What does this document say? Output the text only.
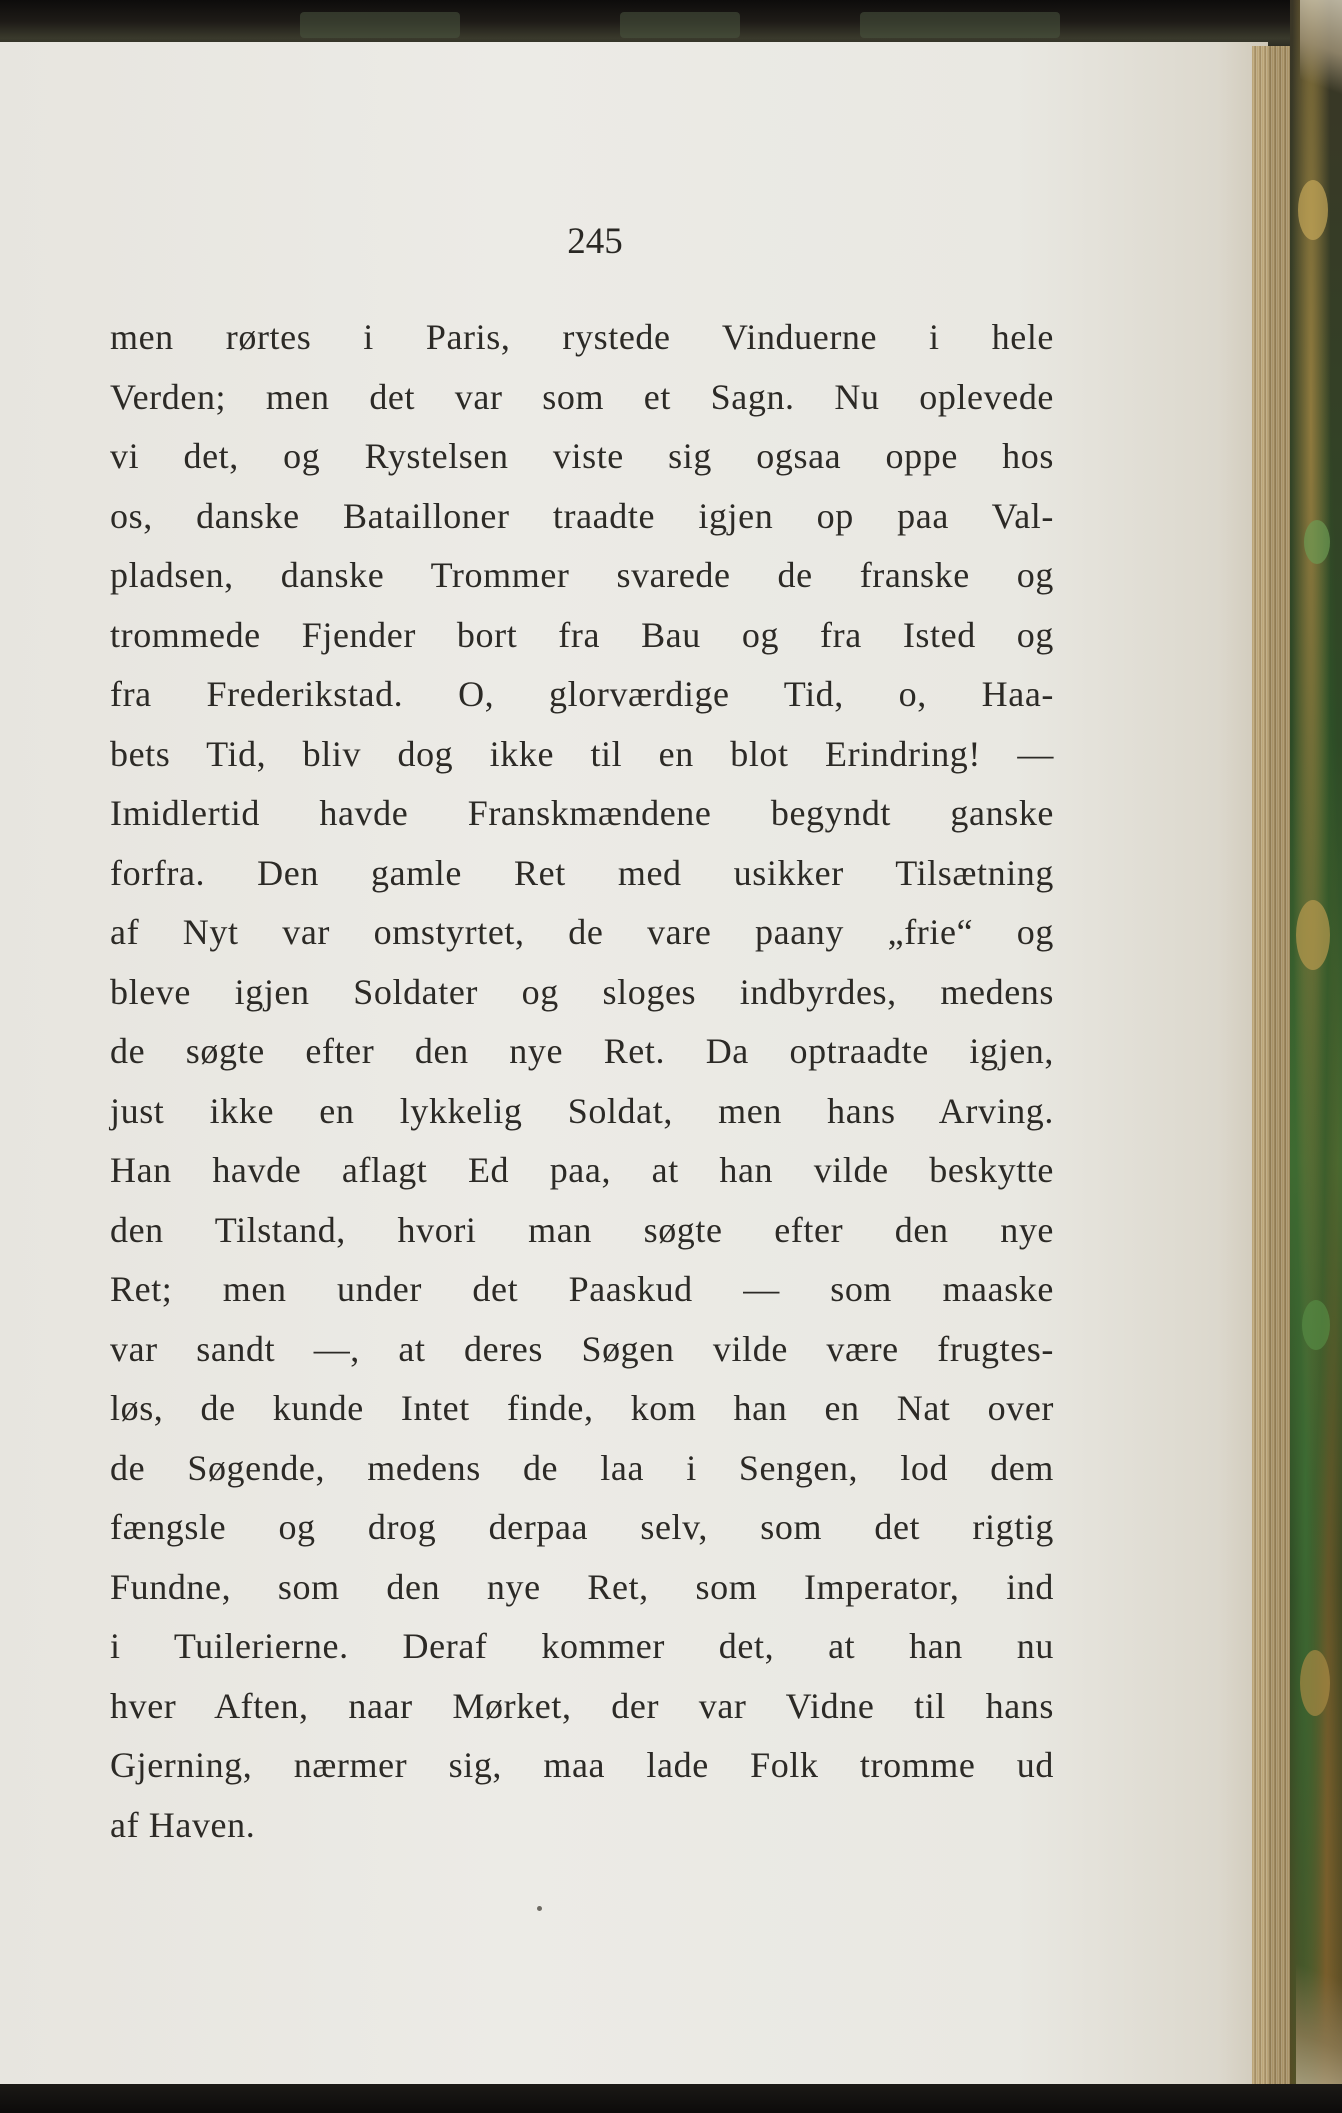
245
men rørtes i Paris, rystede Vinduerne i hele
Verden; men det var som et Sagn. Nu oplevede
vi det, og Rystelsen viste sig ogsaa oppe hos
os, danske Batailloner traadte igjen op paa Val-
pladsen, danske Trommer svarede de franske og
trommede Fjender bort fra Bau og fra Isted og
fra Frederikstad. O, glorværdige Tid, o, Haa-
bets Tid, bliv dog ikke til en blot Erindring! —
Imidlertid havde Franskmændene begyndt ganske
forfra. Den gamle Ret med usikker Tilsætning
af Nyt var omstyrtet, de vare paany „frie“ og
bleve igjen Soldater og sloges indbyrdes, medens
de søgte efter den nye Ret. Da optraadte igjen,
just ikke en lykkelig Soldat, men hans Arving.
Han havde aflagt Ed paa, at han vilde beskytte
den Tilstand, hvori man søgte efter den nye
Ret; men under det Paaskud — som maaske
var sandt —, at deres Søgen vilde være frugtes-
løs, de kunde Intet finde, kom han en Nat over
de Søgende, medens de laa i Sengen, lod dem
fængsle og drog derpaa selv, som det rigtig
Fundne, som den nye Ret, som Imperator, ind
i Tuilerierne. Deraf kommer det, at han nu
hver Aften, naar Mørket, der var Vidne til hans
Gjerning, nærmer sig, maa lade Folk tromme ud
af Haven.
